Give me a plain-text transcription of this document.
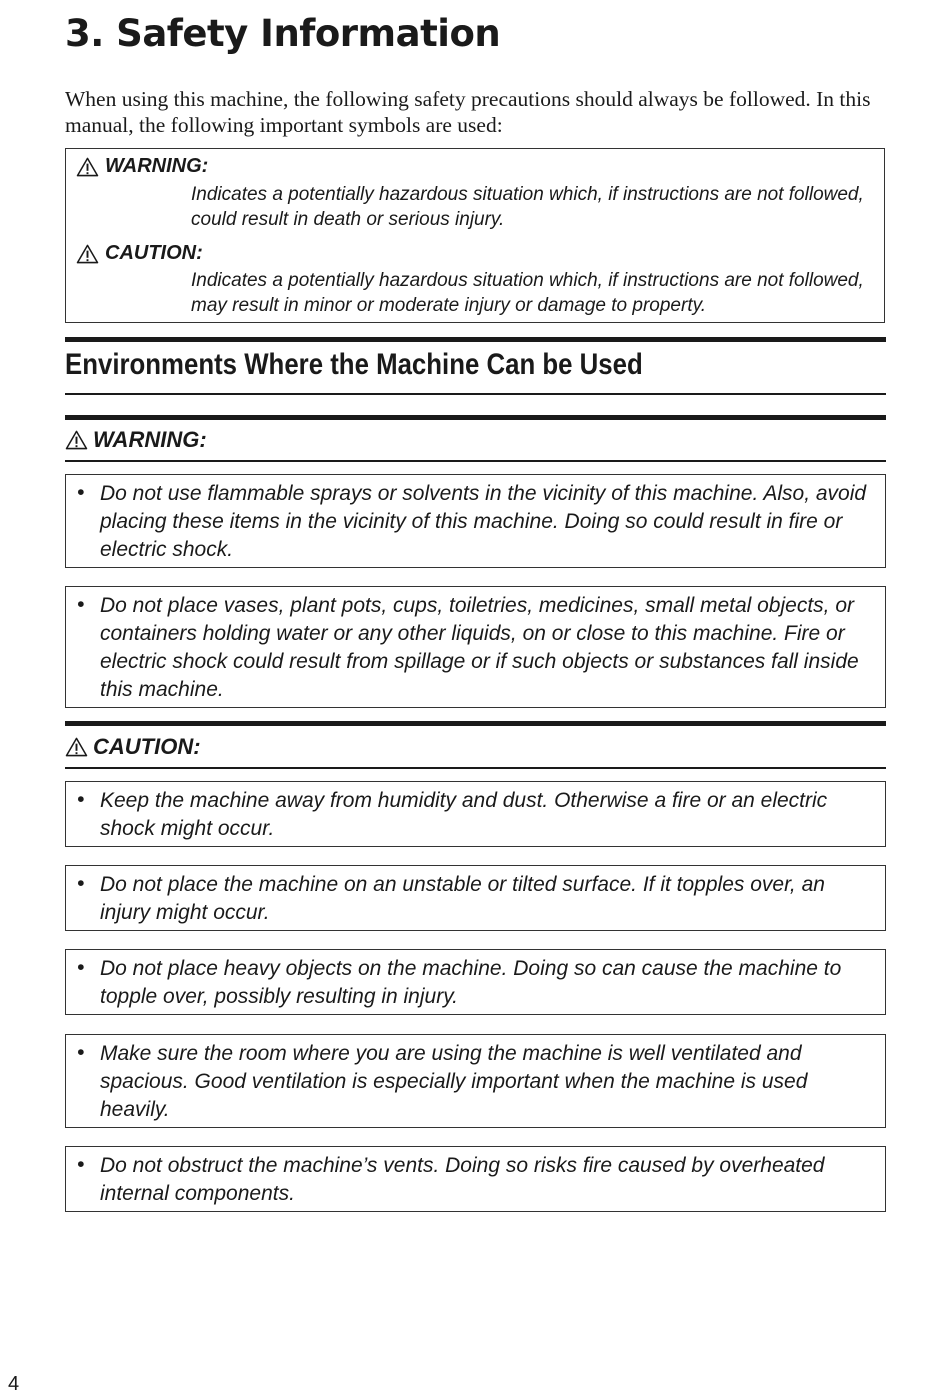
3. Safety Information

When using this machine, the following safety precautions should always be followed. In this manual, the following important symbols are used:

WARNING:

Indicates a potentially hazardous situation which, if instructions are not followed, could result in death or serious injury.

CAUTION:

Indicates a potentially hazardous situation which, if instructions are not followed, may result in minor or moderate injury or damage to property.

Environments Where the Machine Can be Used
WARNING:
• Do not use flammable sprays or solvents in the vicinity of this machine. Also, avoid placing these items in the vicinity of this machine. Doing so could result in fire or electric shock.

• Do not place vases, plant pots, cups, toiletries, medicines, small metal objects, or containers holding water or any other liquids, on or close to this machine. Fire or electric shock could result from spillage or if such objects or substances fall inside this machine.

CAUTION:
• Keep the machine away from humidity and dust. Otherwise a fire or an electric shock might occur.

• Do not place the machine on an unstable or tilted surface. If it topples over, an injury might occur.

• Do not place heavy objects on the machine. Doing so can cause the machine to topple over, possibly resulting in injury.

• Make sure the room where you are using the machine is well ventilated and spacious. Good ventilation is especially important when the machine is used heavily.

• Do not obstruct the machine’s vents. Doing so risks fire caused by overheated internal components.

4
